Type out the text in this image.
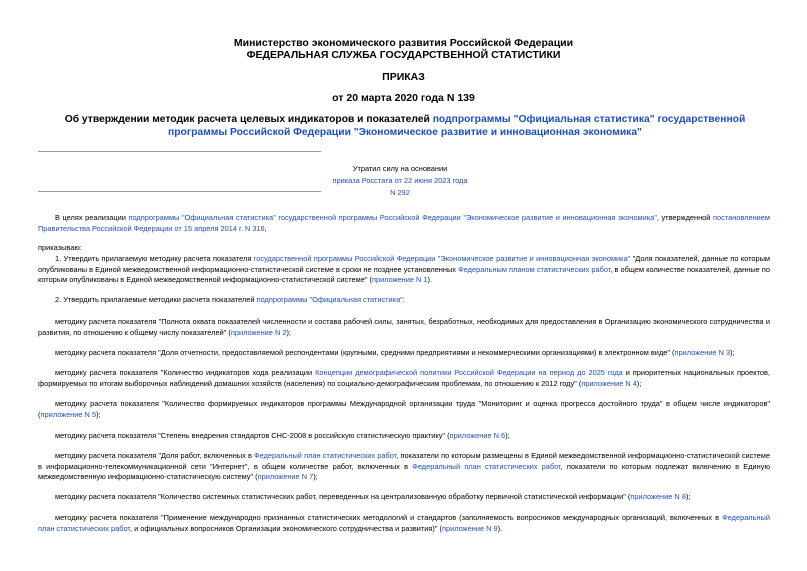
Министерство экономического развития Российской Федерации
ФЕДЕРАЛЬНАЯ СЛУЖБА ГОСУДАРСТВЕННОЙ СТАТИСТИКИ
ПРИКАЗ
от 20 марта 2020 года N 139
Об утверждении методик расчета целевых индикаторов и показателей подпрограммы "Официальная статистика" государственной программы Российской Федерации "Экономическое развитие и инновационная экономика"
Утратил силу на основании
приказа Росстата от 22 июня 2023 года N 292
В целях реализации подпрограммы "Официальная статистика" государственной программы Российской Федерации "Экономическое развитие и инновационная экономика", утвержденной постановлением Правительства Российской Федерации от 15 апреля 2014 г. N 316,
приказываю:
1. Утвердить прилагаемую методику расчета показателя государственной программы Российской Федерации "Экономическое развитие и инновационная экономика" "Доля показателей, данные по которым опубликованы в Единой межведомственной информационно-статистической системе в сроки не позднее установленных Федеральным планом статистических работ, в общем количестве показателей, данные по которым опубликованы в Единой межведомственной информационно-статистической системе" (приложение N 1).
2. Утвердить прилагаемые методики расчета показателей подпрограммы "Официальная статистика":
методику расчета показателя "Полнота охвата показателей численности и состава рабочей силы, занятых, безработных, необходимых для предоставления в Организацию экономического сотрудничества и развития, по отношению к общему числу показателей" (приложение N 2);
методику расчета показателя "Доля отчетности, предоставляемой респондентами (крупными, средними предприятиями и некоммерческими организациями) в электронном виде" (приложение N 3);
методику расчета показателя "Количество индикаторов хода реализации Концепции демографической политики Российской Федерации на период до 2025 года и приоритетных национальных проектов, формируемых по итогам выборочных наблюдений домашних хозяйств (населения) по социально-демографическим проблемам, по отношению к 2012 году" (приложение N 4);
методику расчета показателя "Количество формируемых индикаторов программы Международной организации труда "Мониторинг и оценка прогресса достойного труда" в общем числе индикаторов" (приложение N 5);
методику расчета показателя "Степень внедрения стандартов СНС-2008 в российскую статистическую практику" (приложение N 6);
методику расчета показателя "Доля работ, включенных в Федеральный план статистических работ, показатели по которым размещены в Единой межведомственной информационно-статистической системе в информационно-телекоммуникационной сети "Интернет", в общем количестве работ, включенных в Федеральный план статистических работ, показатели по которым подлежат включению в Единую межведомственную информационно-статистическую систему" (приложение N 7);
методику расчета показателя "Количество системных статистических работ, переведенных на централизованную обработку первичной статистической информации" (приложение N 8);
методику расчета показателя "Применение международно признанных статистических методологий и стандартов (заполняемость вопросников международных организаций, включенных в Федеральный план статистических работ, и официальных вопросников Организации экономического сотрудничества и развития)" (приложение N 9).
